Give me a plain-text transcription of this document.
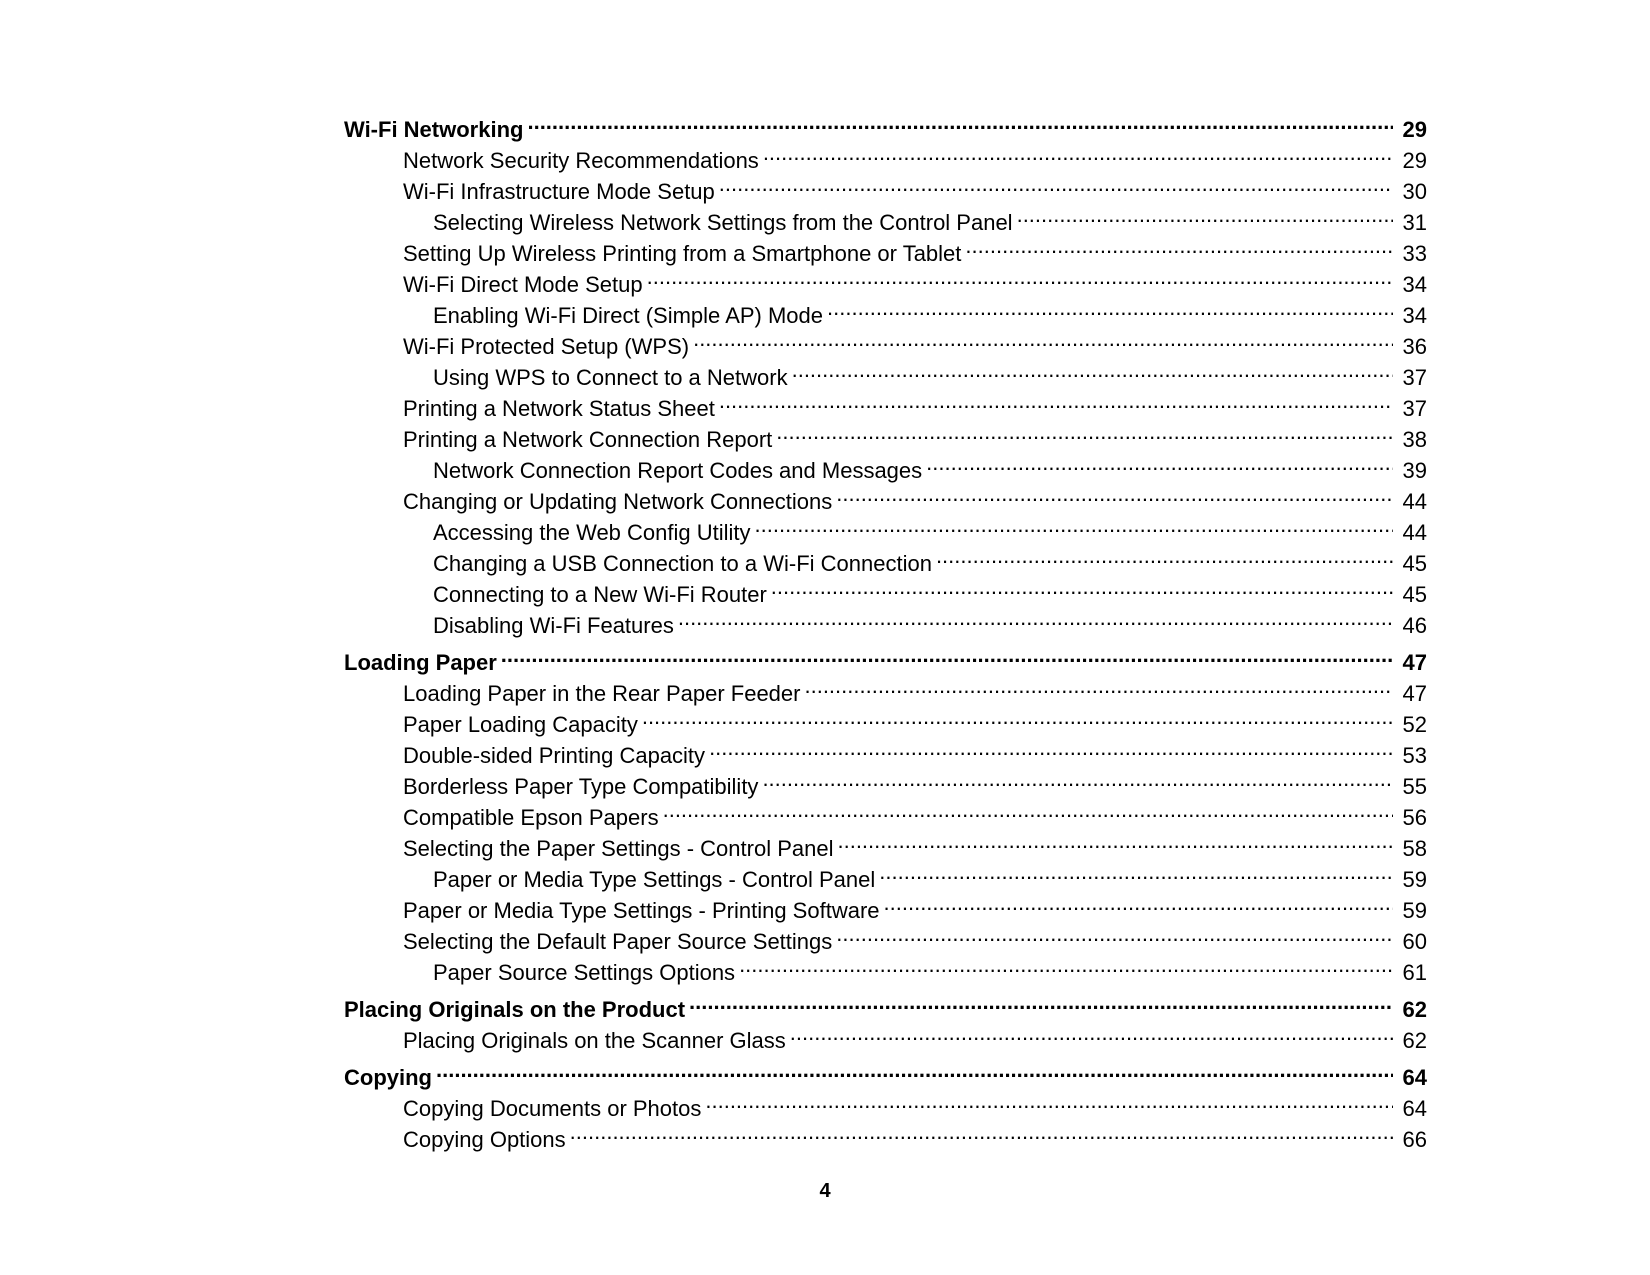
Wi-Fi Networking .....	29
Network Security Recommendations .....	29
Wi-Fi Infrastructure Mode Setup .....	30
Selecting Wireless Network Settings from the Control Panel .....	31
Setting Up Wireless Printing from a Smartphone or Tablet .....	33
Wi-Fi Direct Mode Setup .....	34
Enabling Wi-Fi Direct (Simple AP) Mode .....	34
Wi-Fi Protected Setup (WPS) .....	36
Using WPS to Connect to a Network .....	37
Printing a Network Status Sheet .....	37
Printing a Network Connection Report .....	38
Network Connection Report Codes and Messages .....	39
Changing or Updating Network Connections .....	44
Accessing the Web Config Utility .....	44
Changing a USB Connection to a Wi-Fi Connection .....	45
Connecting to a New Wi-Fi Router .....	45
Disabling Wi-Fi Features .....	46
Loading Paper .....	47
Loading Paper in the Rear Paper Feeder .....	47
Paper Loading Capacity .....	52
Double-sided Printing Capacity .....	53
Borderless Paper Type Compatibility .....	55
Compatible Epson Papers .....	56
Selecting the Paper Settings - Control Panel .....	58
Paper or Media Type Settings - Control Panel .....	59
Paper or Media Type Settings - Printing Software .....	59
Selecting the Default Paper Source Settings .....	60
Paper Source Settings Options .....	61
Placing Originals on the Product .....	62
Placing Originals on the Scanner Glass .....	62
Copying .....	64
Copying Documents or Photos .....	64
Copying Options .....	66
4
